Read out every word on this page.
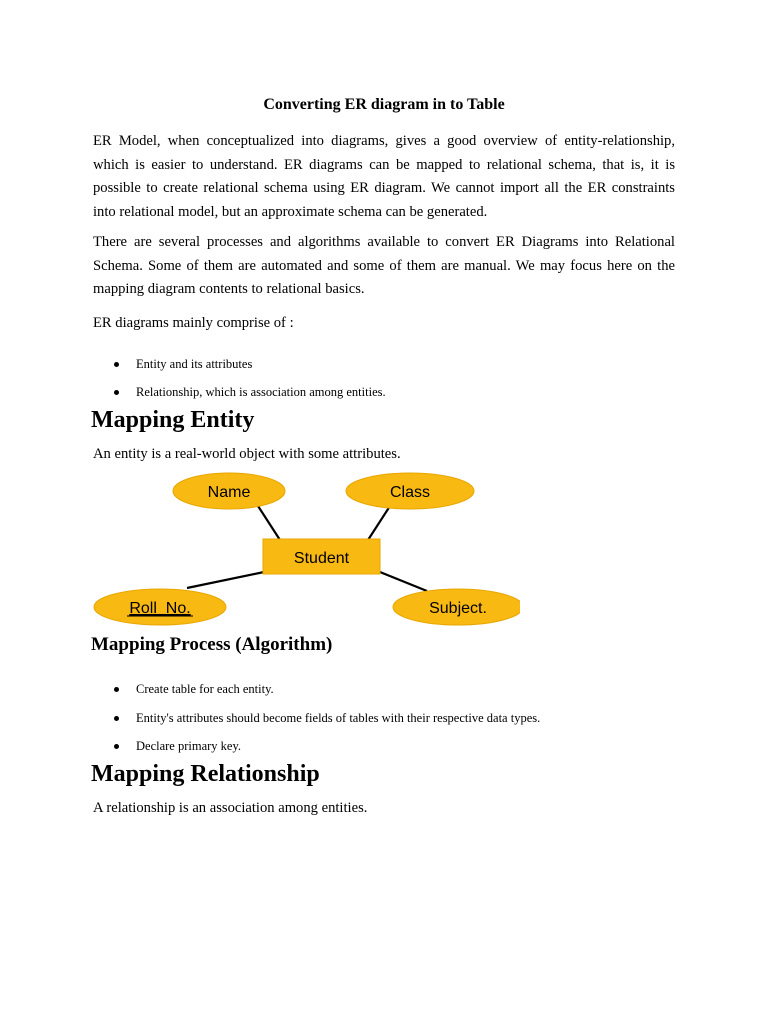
Converting ER diagram in to Table
ER Model, when conceptualized into diagrams, gives a good overview of entity-relationship,
which is easier to understand. ER diagrams can be mapped to relational schema, that is, it is
possible to create relational schema using ER diagram. We cannot import all the ER constraints
into relational model, but an approximate schema can be generated.
There are several processes and algorithms available to convert ER Diagrams into Relational
Schema. Some of them are automated and some of them are manual. We may focus here on the
mapping diagram contents to relational basics.

ER diagrams mainly comprise of :

Entity and its attributes
Relationship, which is association among entities.
Mapping Entity

An entity is a real-world object with some attributes.

Name	Class
Student
Roll_No.	Subject.
Mapping Process (Algorithm)
Create table for each entity.
Entity's attributes should become fields of tables with their respective data types.
Declare primary key.
Mapping Relationship

A relationship is an association among entities.
